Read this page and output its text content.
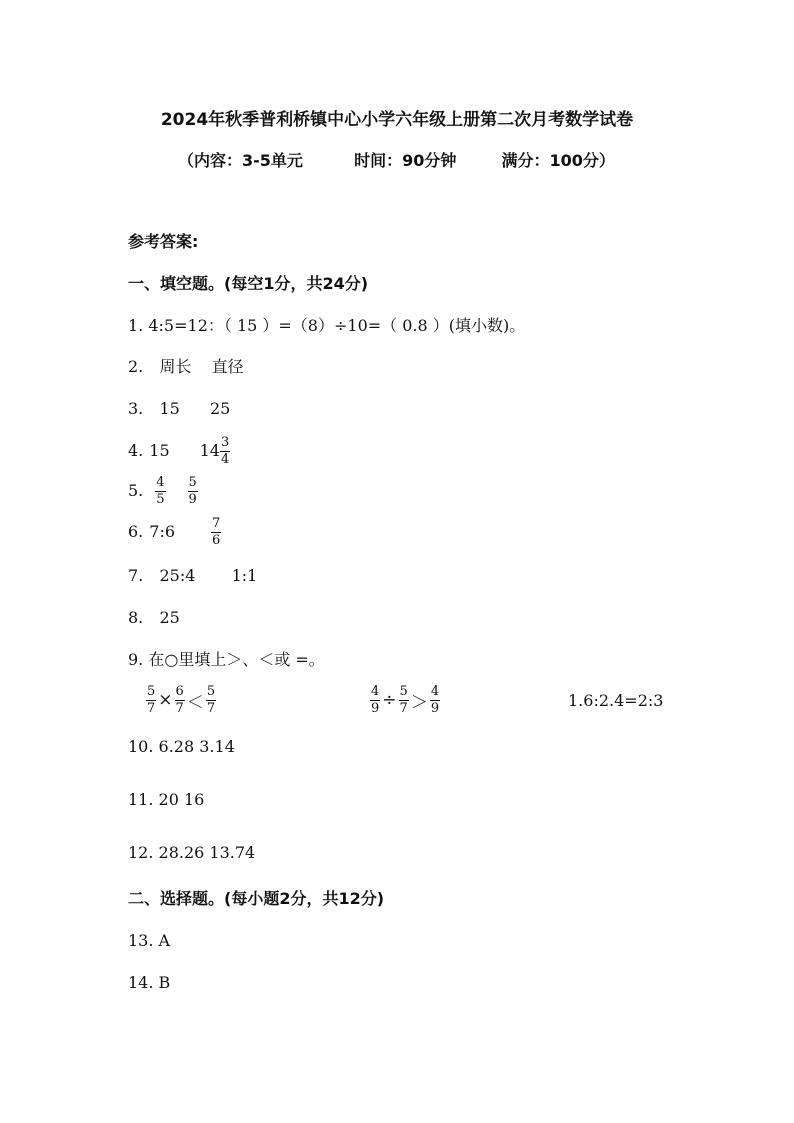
2024年秋季普利桥镇中心小学六年级上册第二次月考数学试卷
（内容：3-5单元	时间：90分钟	满分：100分）
参考答案:
一、填空题。(每空1分，共24分)
1. 4:5=12：（ 15 ）=（8）÷10=（ 0.8 ）(填小数)。
2. 周长 直径
3. 15 25
4. 15 $14 \frac{3}{4}$
5. $\frac{4}{5} \frac{5}{9}$
6. 7:6	$\frac{7}{6}$
7. 25:4 1:1
8. 25
9. 在○里填上＞、＜或 =。
$\frac{5}{7} \times \frac{6}{7} < \frac{5}{7}$	$\frac{4}{9} \div \frac{5}{7} > \frac{4}{9}$	1.6:2.4=2:3
10. 6.28 3.14
11. 20 16
12. 28.26 13.74
二、选择题。(每小题2分，共12分)
13. A
14. B
